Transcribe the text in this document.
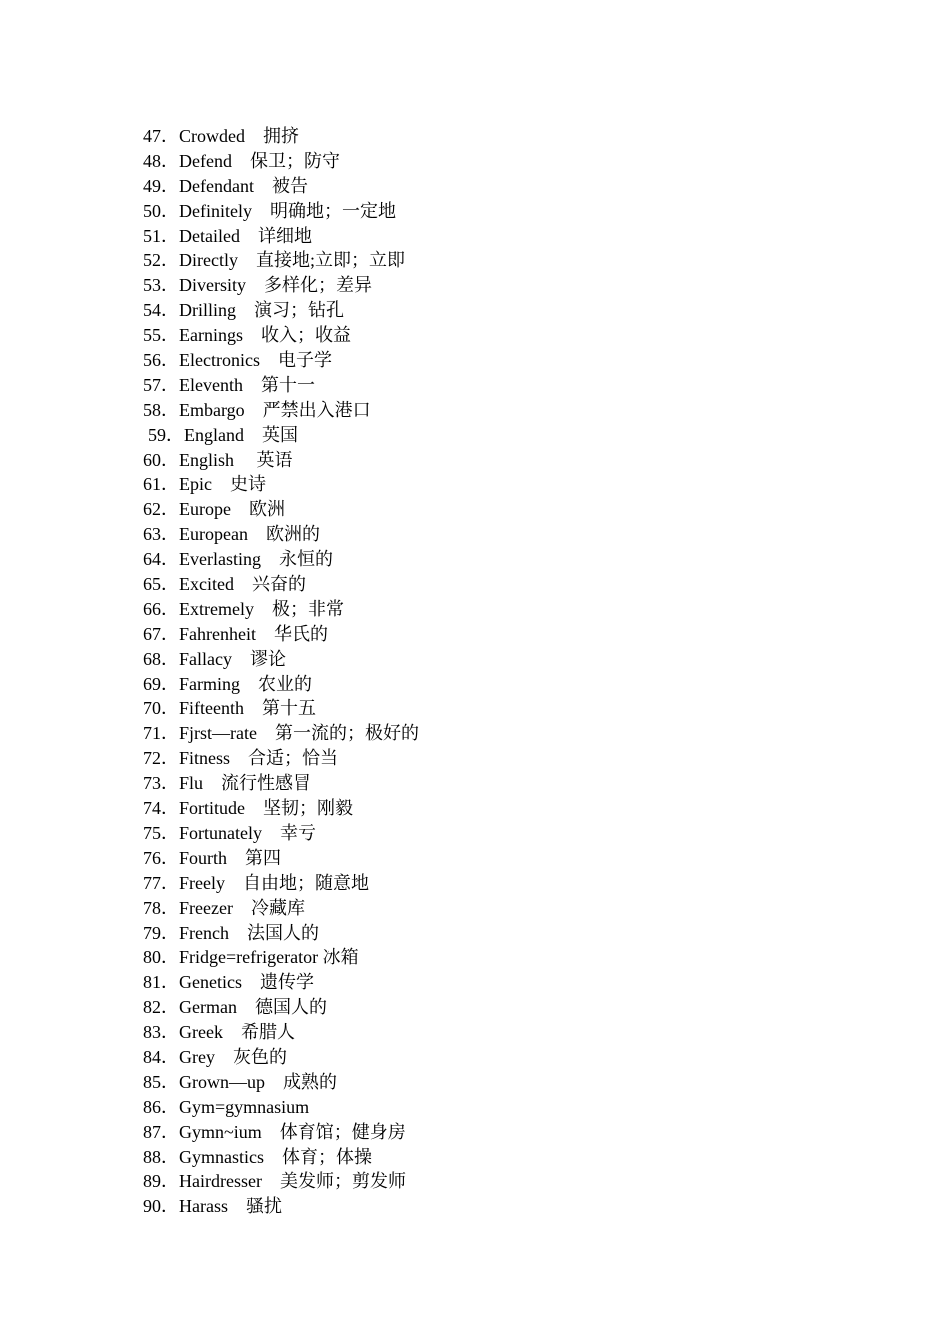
47．Crowded　拥挤
48．Defend　保卫；防守
49．Defendant　被告
50．Definitely　明确地；一定地
51．Detailed　详细地
52．Directly　直接地;立即；立即
53．Diversity　多样化；差异
54．Drilling　演习；钻孔
55．Earnings　收入；收益
56．Electronics　电子学
57．Eleventh　第十一
58．Embargo　严禁出入港口
59．England　英国
60．English　 英语
61．Epic　史诗
62．Europe　欧洲
63．European　欧洲的
64．Everlasting　永恒的
65．Excited　兴奋的
66．Extremely　极；非常
67．Fahrenheit　华氏的
68．Fallacy　谬论
69．Farming　农业的
70．Fifteenth　第十五
71．Fjrst—rate　第一流的；极好的
72．Fitness　合适；恰当
73．Flu　流行性感冒
74．Fortitude　坚韧；刚毅
75．Fortunately　幸亏
76．Fourth　第四
77．Freely　自由地；随意地
78．Freezer　冷藏库
79．French　法国人的
80．Fridge=refrigerator 冰箱
81．Genetics　遗传学
82．German　德国人的
83．Greek　希腊人
84．Grey　灰色的
85．Grown—up　成熟的
86．Gym=gymnasium
87．Gymn~ium　体育馆；健身房
88．Gymnastics　体育；体操
89．Hairdresser　美发师；剪发师
90．Harass　骚扰
